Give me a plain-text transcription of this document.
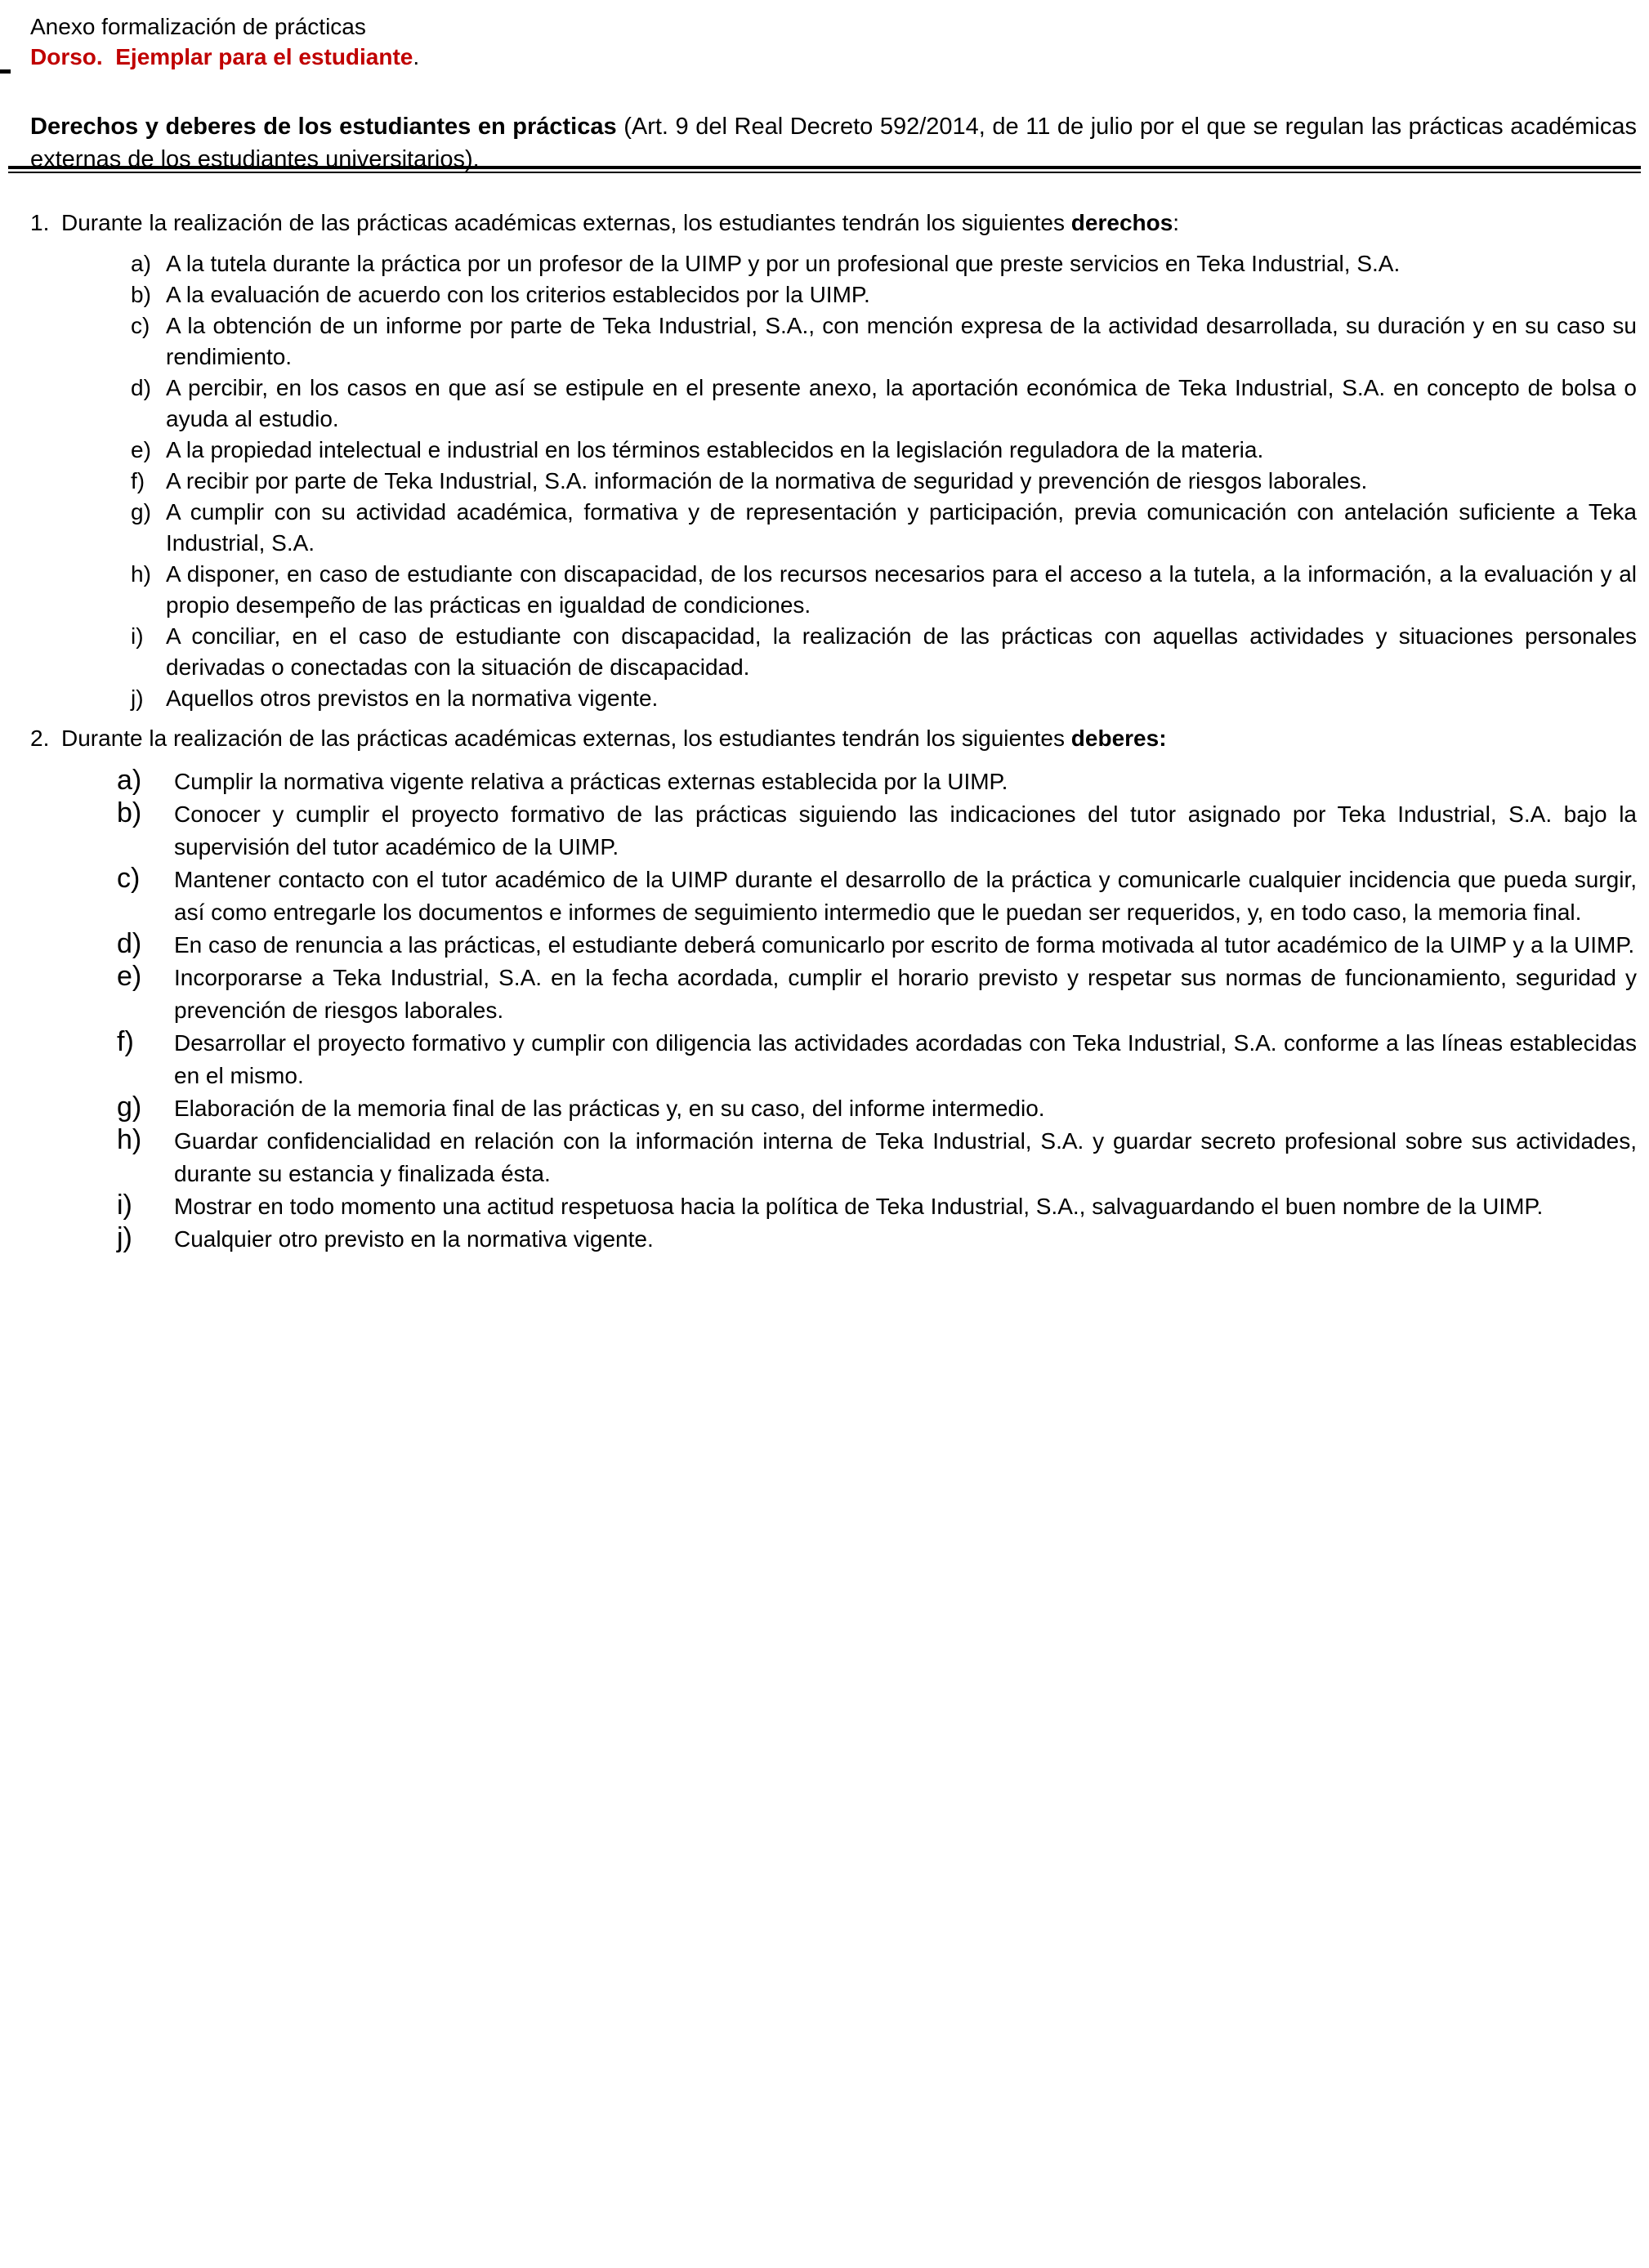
Anexo formalización de prácticas
Dorso.  Ejemplar para el estudiante.
Derechos y deberes de los estudiantes en prácticas (Art. 9 del Real Decreto 592/2014, de 11 de julio por el que se regulan las prácticas académicas externas de los estudiantes universitarios).
1. Durante la realización de las prácticas académicas externas, los estudiantes tendrán los siguientes derechos:
a) A la tutela durante la práctica por un profesor de la UIMP y por un profesional que preste servicios en Teka Industrial, S.A.
b) A la evaluación de acuerdo con los criterios establecidos por la UIMP.
c) A la obtención de un informe por parte de Teka Industrial, S.A., con mención expresa de la actividad desarrollada, su duración y en su caso su rendimiento.
d) A percibir, en los casos en que así se estipule en el presente anexo, la aportación económica de Teka Industrial, S.A. en concepto de bolsa o ayuda al estudio.
e) A la propiedad intelectual e industrial en los términos establecidos en la legislación reguladora de la materia.
f) A recibir por parte de Teka Industrial, S.A. información de la normativa de seguridad y prevención de riesgos laborales.
g) A cumplir con su actividad académica, formativa y de representación y participación, previa comunicación con antelación suficiente a Teka Industrial, S.A.
h) A disponer, en caso de estudiante con discapacidad, de los recursos necesarios para el acceso a la tutela, a la información, a la evaluación y al propio desempeño de las prácticas en igualdad de condiciones.
i) A conciliar, en el caso de estudiante con discapacidad, la realización de las prácticas con aquellas actividades y situaciones personales derivadas o conectadas con la situación de discapacidad.
j) Aquellos otros previstos en la normativa vigente.
2. Durante la realización de las prácticas académicas externas, los estudiantes tendrán los siguientes deberes:
a) Cumplir la normativa vigente relativa a prácticas externas establecida por la UIMP.
b) Conocer y cumplir el proyecto formativo de las prácticas siguiendo las indicaciones del tutor asignado por Teka Industrial, S.A. bajo la supervisión del tutor académico de la UIMP.
c) Mantener contacto con el tutor académico de la UIMP durante el desarrollo de la práctica y comunicarle cualquier incidencia que pueda surgir, así como entregarle los documentos e informes de seguimiento intermedio que le puedan ser requeridos, y, en todo caso, la memoria final.
d) En caso de renuncia a las prácticas, el estudiante deberá comunicarlo por escrito de forma motivada al tutor académico de la UIMP y a la UIMP.
e) Incorporarse a Teka Industrial, S.A. en la fecha acordada, cumplir el horario previsto y respetar sus normas de funcionamiento, seguridad y prevención de riesgos laborales.
f) Desarrollar el proyecto formativo y cumplir con diligencia las actividades acordadas con Teka Industrial, S.A. conforme a las líneas establecidas en el mismo.
g) Elaboración de la memoria final de las prácticas y, en su caso, del informe intermedio.
h) Guardar confidencialidad en relación con la información interna de Teka Industrial, S.A. y guardar secreto profesional sobre sus actividades, durante su estancia y finalizada ésta.
i) Mostrar en todo momento una actitud respetuosa hacia la política de Teka Industrial, S.A., salvaguardando el buen nombre de la UIMP.
j) Cualquier otro previsto en la normativa vigente.
